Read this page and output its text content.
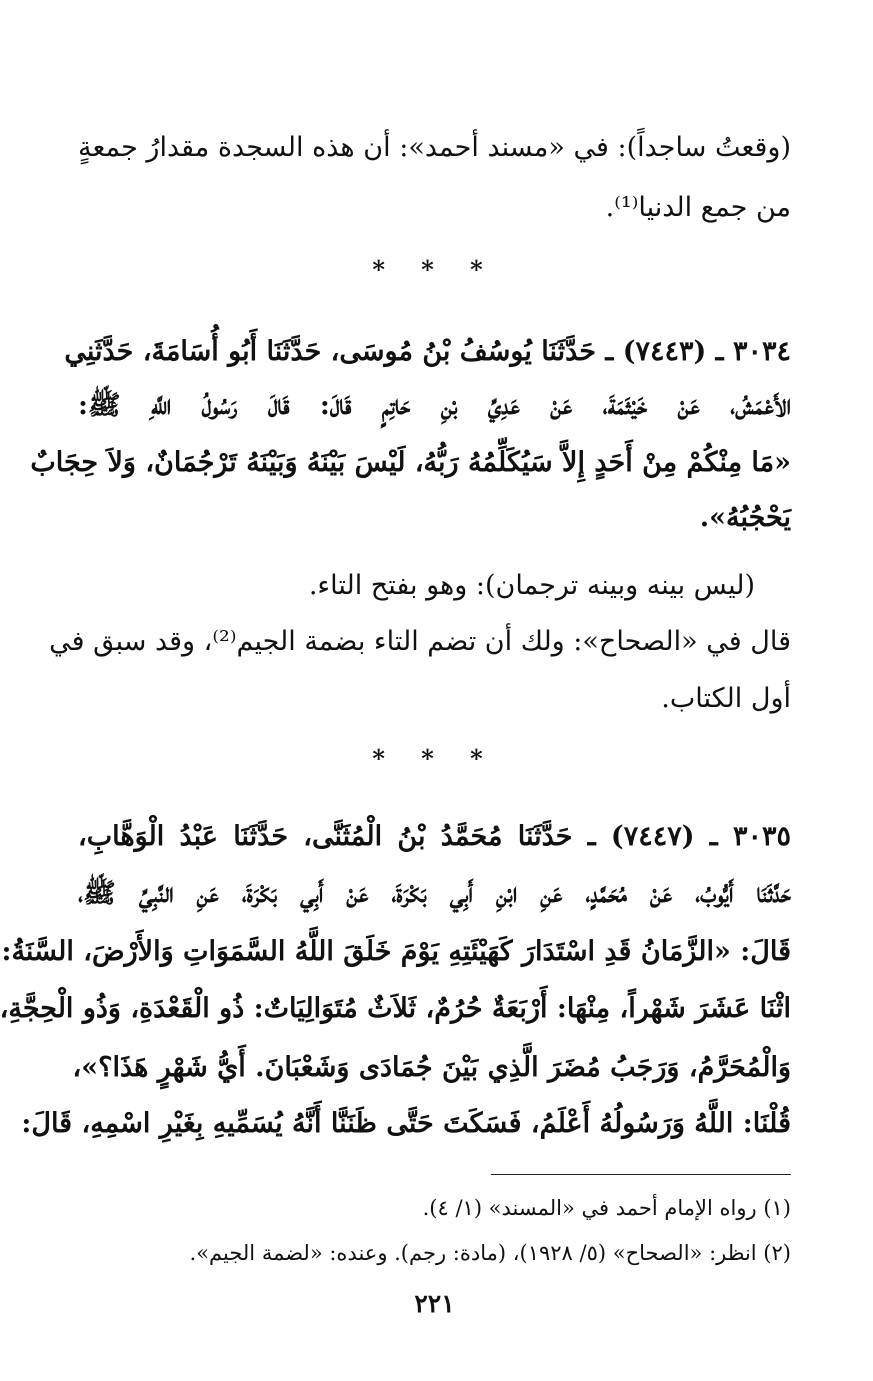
(وقعتُ ساجداً): في «مسند أحمد»: أن هذه السجدة مقدارُ جمعةٍ
من جمع الدنيا⁽¹⁾.
* * *
٣٠٣٤ ـ (٧٤٤٣) ـ حَدَّثَنَا يُوسُفُ بْنُ مُوسَى، حَدَّثَنَا أَبُو أُسَامَةَ، حَدَّثَنِي
الأَعْمَشُ، عَنْ خَيْثَمَةَ، عَنْ عَدِيِّ بْنِ حَاتِمٍ قَالَ: قَالَ رَسُولُ اللَّهِ ﷺ:
«مَا مِنْكُمْ مِنْ أَحَدٍ إِلاَّ سَيُكَلِّمُهُ رَبُّهُ، لَيْسَ بَيْنَهُ وَبَيْنَهُ تَرْجُمَانٌ، وَلاَ حِجَابٌ
يَحْجُبُهُ».
(ليس بينه وبينه ترجمان): وهو بفتح التاء.
قال في «الصحاح»: ولك أن تضم التاء بضمة الجيم⁽²⁾، وقد سبق في
أول الكتاب.
* * *
٣٠٣٥ ـ (٧٤٤٧) ـ حَدَّثَنَا مُحَمَّدُ بْنُ الْمُثَنَّى، حَدَّثَنَا عَبْدُ الْوَهَّابِ،
حَدَّثَنَا أَيُّوبُ، عَنْ مُحَمَّدٍ، عَنِ ابْنِ أَبِي بَكْرَةَ، عَنْ أَبِي بَكْرَةَ، عَنِ النَّبِيِّ ﷺ،
قَالَ: «الزَّمَانُ قَدِ اسْتَدَارَ كَهَيْئَتِهِ يَوْمَ خَلَقَ اللَّهُ السَّمَوَاتِ وَالأَرْضَ، السَّنَةُ:
اثْنَا عَشَرَ شَهْراً، مِنْهَا: أَرْبَعَةٌ حُرُمٌ، ثَلاَثٌ مُتَوَالِيَاتٌ: ذُو الْقَعْدَةِ، وَذُو الْحِجَّةِ،
وَالْمُحَرَّمُ، وَرَجَبُ مُضَرَ الَّذِي بَيْنَ جُمَادَى وَشَعْبَانَ. أَيُّ شَهْرٍ هَذَا؟»،
قُلْنَا: اللَّهُ وَرَسُولُهُ أَعْلَمُ، فَسَكَتَ حَتَّى ظَنَنَّا أَنَّهُ يُسَمِّيهِ بِغَيْرِ اسْمِهِ، قَالَ:
(١) رواه الإمام أحمد في «المسند» (١/ ٤).
(٢) انظر: «الصحاح» (٥/ ١٩٢٨)، (مادة: رجم). وعنده: «لضمة الجيم».
٢٢١
